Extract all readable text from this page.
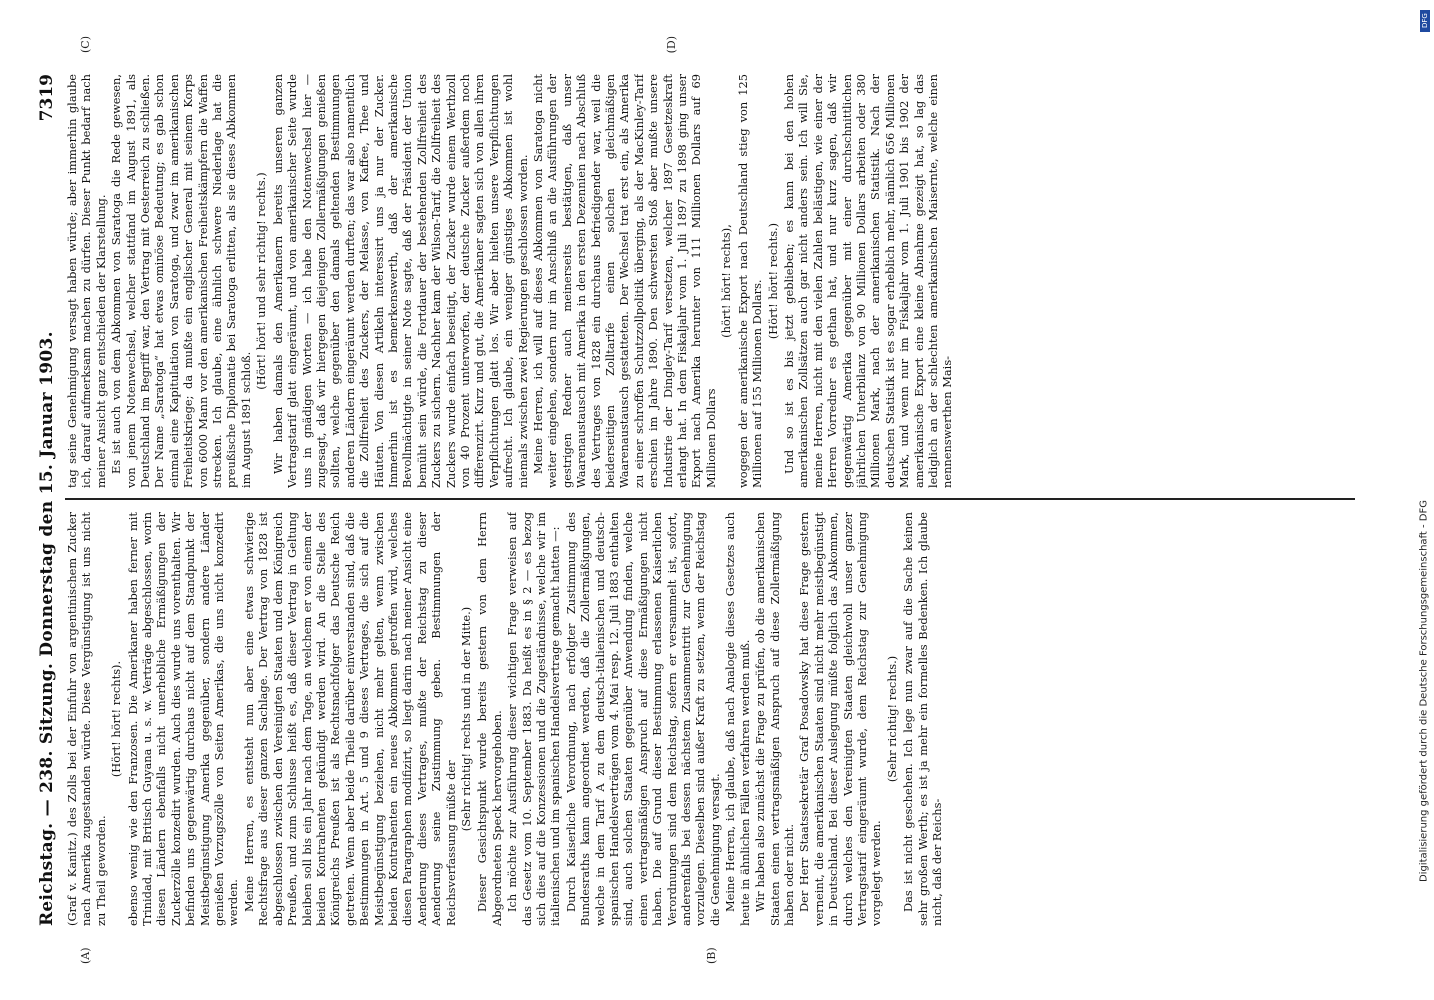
Reichstag. — 238. Sitzung. Donnerstag den 15. Januar 1903.
7319
(A)	(B)
(C)	(D)

(Graf v. Kanitz.) des Zolls bei der Einfuhr von argentinischem Zucker nach Amerika zugestanden würde. Diese Vergünstigung ist uns nicht zu Theil geworden.

(Hört! hört! rechts). ebenso wenig wie den Franzosen. Die Amerikaner haben ferner mit Trinidad, mit Britisch Guyana u. s. w. Verträge abgeschlossen, worin diesen Ländern ebenfalls nicht unerhebliche Ermäßigungen der Zuckerzölle konzedirt wurden. Auch dies wurde uns vorenthalten. Wir befinden uns gegenwärtig durchaus nicht auf dem Standpunkt der Meistbegünstigung Amerika gegenüber, sondern andere Länder genießen Vorzugszölle von Seiten Amerikas, die uns nicht konzedirt werden. Meine Herren, es entsteht nun aber eine etwas schwierige Rechtsfrage aus dieser ganzen Sachlage. Der Vertrag von 1828 ist abgeschlossen zwischen den Vereinigten Staaten und dem Königreich Preußen, und zum Schlusse heißt es, daß dieser Vertrag in Geltung bleiben soll bis ein Jahr nach dem Tage, an welchem er von einem der beiden Kontrahenten gekündigt werden wird. An die Stelle des Königreichs Preußen ist als Rechtsnachfolger das Deutsche Reich getreten. Wenn aber beide Theile darüber einverstanden sind, daß die Bestimmungen in Art. 5 und 9 dieses Vertrages, die sich auf die Meistbegünstigung beziehen, nicht mehr gelten, wenn zwischen beiden Kontrahenten ein neues Abkommen getroffen wird, welches diesen Paragraphen modifizirt, so liegt darin nach meiner Ansicht eine Aenderung dieses Vertrages, mußte der Reichstag zu dieser Aenderung seine Zustimmung geben. Bestimmungen der Reichsverfassung müßte der

(Sehr richtig! rechts und in der Mitte.) Dieser Gesichtspunkt wurde bereits gestern von dem Herrn Abgeordneten Speck hervorgehoben. Ich möchte zur Ausführung dieser wichtigen Frage verweisen auf das Gesetz vom 10. September 1883. Da heißt es in § 2 — es bezog sich dies auf die Konzessionen und die Zugeständnisse, welche wir im italienischen und im spanischen Handelsvertrage gemacht hatten —: Durch Kaiserliche Verordnung, nach erfolgter Zustimmung des Bundesraths kann angeordnet werden, daß die Zollermäßigungen, welche in dem Tarif A zu dem deutsch-italienischen und deutsch-spanischen Handelsverträgen vom 4. Mai resp. 12. Juli 1883 enthalten sind, auch solchen Staaten gegenüber Anwendung finden, welche einen vertragsmäßigen Anspruch auf diese Ermäßigungen nicht haben. Die auf Grund dieser Bestimmung erlassenen Kaiserlichen Verordnungen sind dem Reichstag, sofern er versammelt ist, sofort, anderenfalls bei dessen nächstem Zusammentritt zur Genehmigung vorzulegen. Dieselben sind außer Kraft zu setzen, wenn der Reichstag die Genehmigung versagt. Meine Herren, ich glaube, daß nach Analogie dieses Gesetzes auch heute in ähnlichen Fällen verfahren werden muß. Wir haben also zunächst die Frage zu prüfen, ob die amerikanischen Staaten einen vertragsmäßigen Anspruch auf diese Zollermäßigung haben oder nicht. Der Herr Staatssekretär Graf Posadowsky hat diese Frage gestern verneint, die amerikanischen Staaten sind nicht mehr meistbegünstigt in Deutschland. Bei dieser Auslegung müßte folglich das Abkommen, durch welches den Vereinigten Staaten gleichwohl unser ganzer Vertragstarif eingeräumt wurde, dem Reichstag zur Genehmigung vorgelegt werden.

(Sehr richtig! rechts.) Das ist nicht geschehen. Ich lege nun zwar auf die Sache keinen sehr großen Werth; es ist ja mehr ein formelles Bedenken. Ich glaube nicht, daß der Reichs-

tag seine Genehmigung versagt haben würde; aber immerhin glaube ich, darauf aufmerksam machen zu dürfen. Dieser Punkt bedarf nach meiner Ansicht ganz entschieden der Klarstellung. Es ist auch von dem Abkommen von Saratoga die Rede gewesen, von jenem Notenwechsel, welcher stattfand im August 1891, als Deutschland im Begriff war, den Vertrag mit Oesterreich zu schließen. Der Name „Saratoga“ hat etwas ominöse Bedeutung; es gab schon einmal eine Kapitulation von Saratoga, und zwar im amerikanischen Freiheitskriege; da mußte ein englischer General mit seinem Korps von 6000 Mann vor den amerikanischen Freiheitskämpfern die Waffen strecken. Ich glaube, eine ähnlich schwere Niederlage hat die preußische Diplomatie bei Saratoga erlitten, als sie dieses Abkommen im August 1891 schloß.

(Hört! hört! und sehr richtig! rechts.) Wir haben damals den Amerikanern bereits unseren ganzen Vertragstarif glatt eingeräumt, und von amerikanischer Seite wurde uns in gnädigen Worten — ich habe den Notenwechsel hier — zugesagt, daß wir hiergegen diejenigen Zollermäßigungen genießen sollten, welche gegenüber den damals geltenden Bestimmungen anderen Ländern eingeräumt werden durften; das war also namentlich die Zollfreiheit des Zuckers, der Melasse, von Kaffee, Thee und Häuten. Von diesen Artikeln interessirt uns ja nur der Zucker. Immerhin ist es bemerkenswerth, daß der amerikanische Bevollmächtigte in seiner Note sagte, daß der Präsident der Union bemüht sein würde, die Fortdauer der bestehenden Zollfreiheit des Zuckers zu sichern. Nachher kam der Wilson-Tarif, die Zollfreiheit des Zuckers wurde einfach beseitigt, der Zucker wurde einem Werthzoll von 40 Prozent unterworfen, der deutsche Zucker außerdem noch differenzirt. Kurz und gut, die Amerikaner sagten sich von allen ihren Verpflichtungen glatt los. Wir aber hielten unsere Verpflichtungen aufrecht. Ich glaube, ein weniger günstiges Abkommen ist wohl niemals zwischen zwei Regierungen geschlossen worden. Meine Herren, ich will auf dieses Abkommen von Saratoga nicht weiter eingehen, sondern nur im Anschluß an die Ausführungen der gestrigen Redner auch meinerseits bestätigen, daß unser Waarenaustausch mit Amerika in den ersten Dezennien nach Abschluß des Vertrages von 1828 ein durchaus befriedigender war, weil die beiderseitigen Zolltarife einen solchen gleichmäßigen Waarenaustausch gestatteten. Der Wechsel trat erst ein, als Amerika zu einer schroffen Schutzzollpolitik überging, als der MacKinley-Tarif erschien im Jahre 1890. Den schwersten Stoß aber mußte unsere Industrie der Dingley-Tarif versetzen, welcher 1897 Gesetzeskraft erlangt hat. In dem Fiskaljahr vom 1. Juli 1897 zu 1898 ging unser Export nach Amerika herunter von 111 Millionen Dollars auf 69 Millionen Dollars

(hört! hört! rechts), wogegen der amerikanische Export nach Deutschland stieg von 125 Millionen auf 155 Millionen Dollars. (Hört! hört! rechts.) Und so ist es bis jetzt geblieben; es kann bei den hohen amerikanischen Zollsätzen auch gar nicht anders sein. Ich will Sie, meine Herren, nicht mit den vielen Zahlen belästigen, wie einer der Herren Vorredner es gethan hat, und nur kurz sagen, daß wir gegenwärtig Amerika gegenüber mit einer durchschnittlichen jährlichen Unterbilanz von 90 Millionen Dollars arbeiten oder 380 Millionen Mark, nach der amerikanischen Statistik. Nach der deutschen Statistik ist es sogar erheblich mehr, nämlich 656 Millionen Mark, und wenn nur im Fiskaljahr vom 1. Juli 1901 bis 1902 der amerikanische Export eine kleine Abnahme gezeigt hat, so lag das lediglich an der schlechten amerikanischen Maisernte, welche einen nennenswerthen Mais-

Digitalisierung gefördert durch die Deutsche Forschungsgemeinschaft - DFG
DFG
